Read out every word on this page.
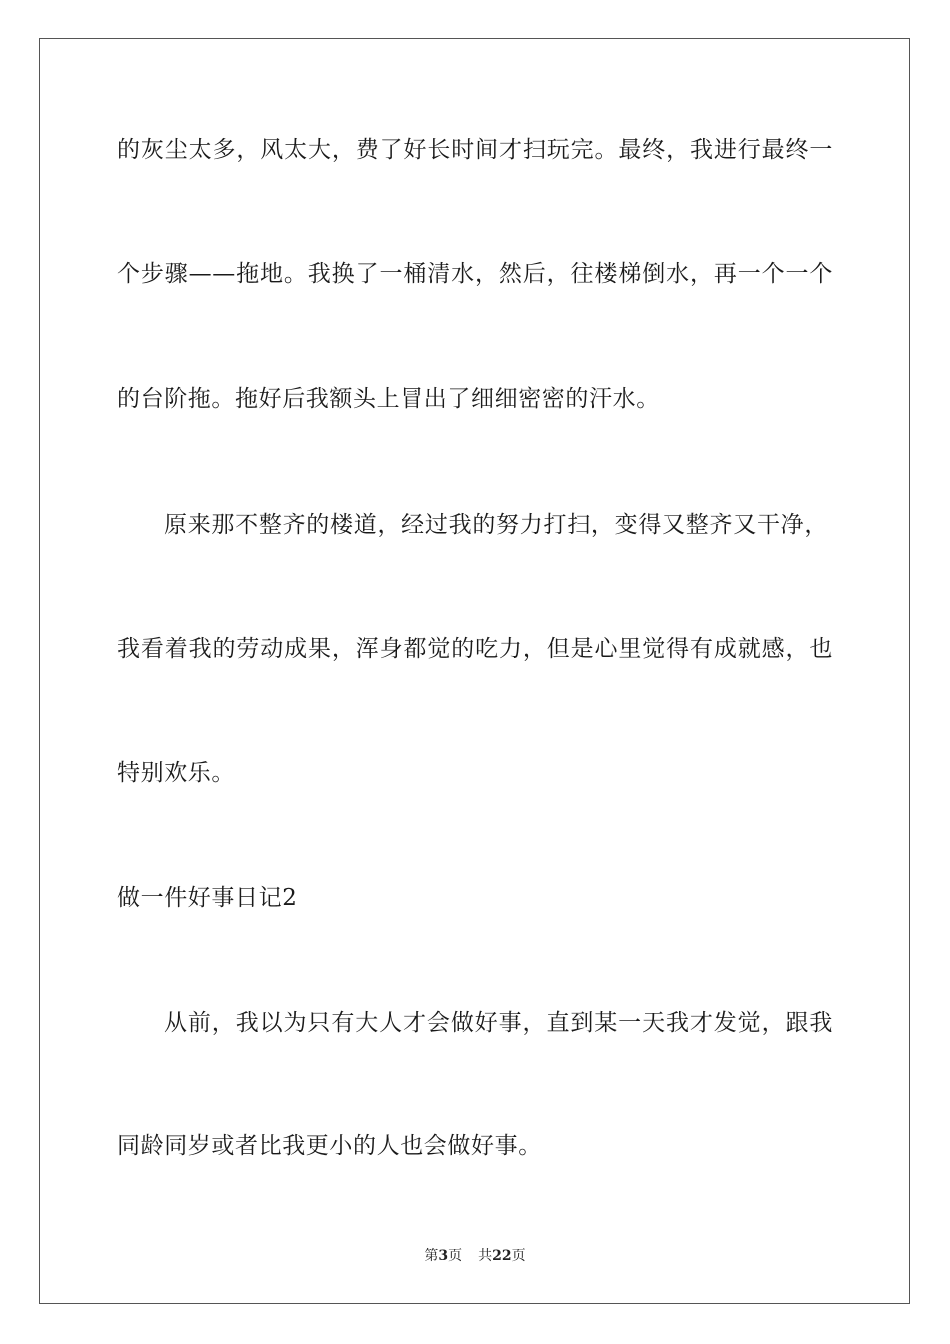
的灰尘太多，风太大，费了好长时间才扫玩完。最终，我进行最终一
个步骤——拖地。我换了一桶清水，然后，往楼梯倒水，再一个一个
的台阶拖。拖好后我额头上冒出了细细密密的汗水。
原来那不整齐的楼道，经过我的努力打扫，变得又整齐又干净，
我看着我的劳动成果，浑身都觉的吃力，但是心里觉得有成就感，也
特别欢乐。
做一件好事日记2
从前，我以为只有大人才会做好事，直到某一天我才发觉，跟我
同龄同岁或者比我更小的人也会做好事。
第3页 共22页
